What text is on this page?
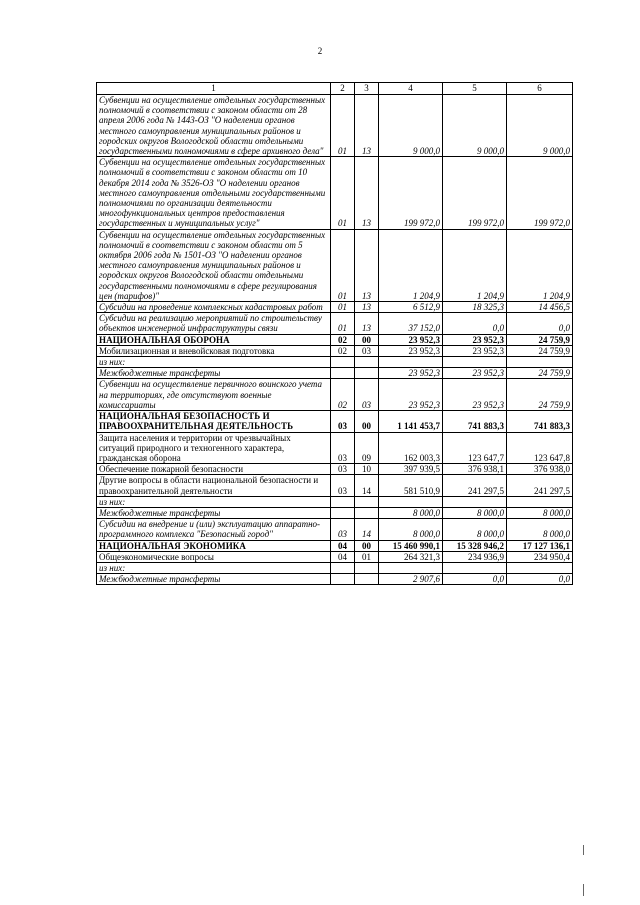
2
1	2	3	4	5	6
Субвенции на осуществление отдельных государственных полномочий в соответствии с законом области от 28 апреля 2006 года № 1443-ОЗ "О наделении органов местного самоуправления муниципальных районов и городских округов Вологодской области отдельными государственными полномочиями в сфере архивного дела"	01	13	9 000,0	9 000,0	9 000,0
Субвенции на осуществление отдельных государственных полномочий в соответствии с законом области от 10 декабря 2014 года № 3526-ОЗ "О наделении органов местного самоуправления отдельными государственными полномочиями по организации деятельности многофункциональных центров предоставления государственных и муниципальных услуг"	01	13	199 972,0	199 972,0	199 972,0
Субвенции на осуществление отдельных государственных полномочий в соответствии с законом области от 5 октября 2006 года № 1501-ОЗ "О наделении органов местного самоуправления муниципальных районов и городских округов Вологодской области отдельными государственными полномочиями в сфере регулирования цен (тарифов)"	01	13	1 204,9	1 204,9	1 204,9
Субсидии на проведение комплексных кадастровых работ	01	13	6 512,9	18 325,3	14 456,5
Субсидии на реализацию мероприятий по строительству объектов инженерной инфраструктуры связи	01	13	37 152,0	0,0	0,0
НАЦИОНАЛЬНАЯ ОБОРОНА	02	00	23 952,3	23 952,3	24 759,9
Мобилизационная и вневойсковая подготовка	02	03	23 952,3	23 952,3	24 759,9
из них:					
Межбюджетные трансферты			23 952,3	23 952,3	24 759,9
Субвенции на осуществление первичного воинского учета на территориях, где отсутствуют военные комиссариаты	02	03	23 952,3	23 952,3	24 759,9
НАЦИОНАЛЬНАЯ БЕЗОПАСНОСТЬ И ПРАВООХРАНИТЕЛЬНАЯ ДЕЯТЕЛЬНОСТЬ	03	00	1 141 453,7	741 883,3	741 883,3
Защита населения и территории от чрезвычайных ситуаций природного и техногенного характера, гражданская оборона	03	09	162 003,3	123 647,7	123 647,8
Обеспечение пожарной безопасности	03	10	397 939,5	376 938,1	376 938,0
Другие вопросы в области национальной безопасности и правоохранительной деятельности	03	14	581 510,9	241 297,5	241 297,5
из них:					
Межбюджетные трансферты			8 000,0	8 000,0	8 000,0
Субсидии на внедрение и (или) эксплуатацию аппаратно-программного комплекса "Безопасный город"	03	14	8 000,0	8 000,0	8 000,0
НАЦИОНАЛЬНАЯ ЭКОНОМИКА	04	00	15 460 990,1	15 328 946,2	17 127 136,1
Общеэкономические вопросы	04	01	264 321,3	234 936,9	234 950,4
из них:					
Межбюджетные трансферты			2 907,6	0,0	0,0
